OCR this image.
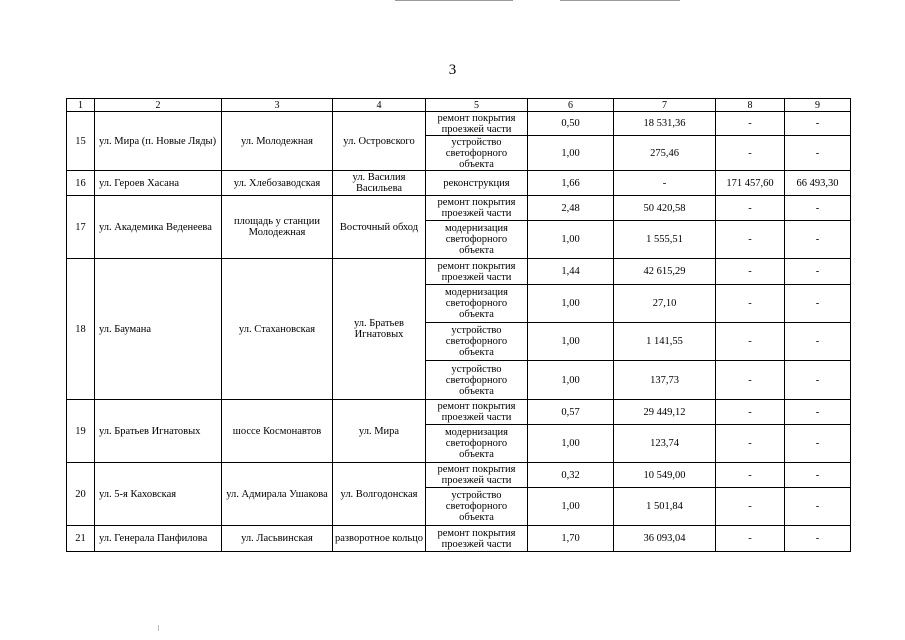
3
1	2	3	4	5	6	7	8	9
15	ул. Мира (п. Новые Ляды)	ул. Молодежная	ул. Островского	ремонт покрытия проезжей части	0,50	18 531,36	-	-
				устройство светофорного объекта	1,00	275,46	-	-
16	ул. Героев Хасана	ул. Хлебозаводская	ул. Василия Васильева	реконструкция	1,66	-	171 457,60	66 493,30
17	ул. Академика Веденеева	площадь у станции Молодежная	Восточный обход	ремонт покрытия проезжей части	2,48	50 420,58	-	-
				модернизация светофорного объекта	1,00	1 555,51	-	-
18	ул. Баумана	ул. Стахановская	ул. Братьев Игнатовых	ремонт покрытия проезжей части	1,44	42 615,29	-	-
				модернизация светофорного объекта	1,00	27,10	-	-
				устройство светофорного объекта	1,00	1 141,55	-	-
				устройство светофорного объекта	1,00	137,73	-	-
19	ул. Братьев Игнатовых	шоссе Космонавтов	ул. Мира	ремонт покрытия проезжей части	0,57	29 449,12	-	-
				модернизация светофорного объекта	1,00	123,74	-	-
20	ул. 5-я Каховская	ул. Адмирала Ушакова	ул. Волгодонская	ремонт покрытия проезжей части	0,32	10 549,00	-	-
				устройство светофорного объекта	1,00	1 501,84	-	-
21	ул. Генерала Панфилова	ул. Ласьвинская	разворотное кольцо	ремонт покрытия проезжей части	1,70	36 093,04	-	-
